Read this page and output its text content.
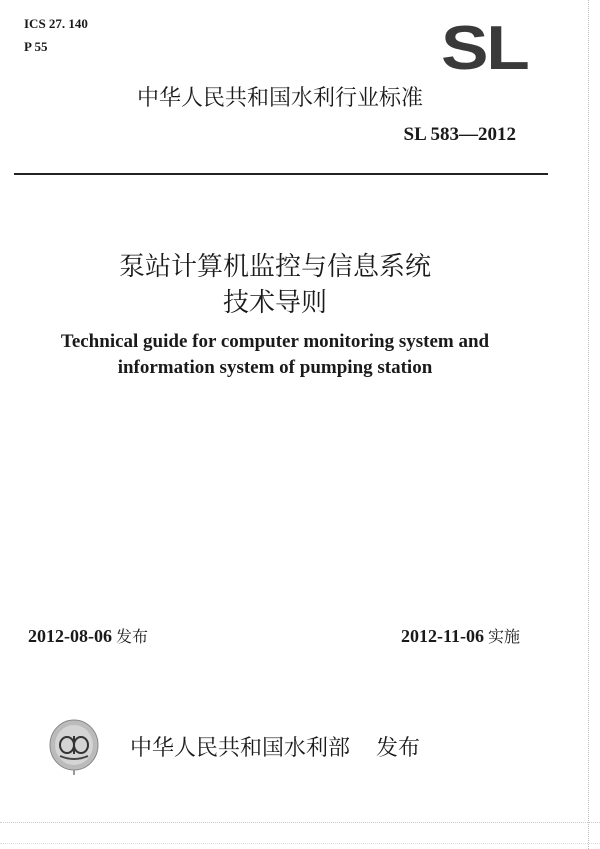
ICS 27. 140
P 55	SL
中华人民共和国水利行业标准
SL 583—2012
泵站计算机监控与信息系统
技术导则
Technical guide for computer monitoring system and
information system of pumping station
2012-08-06 发布	2012-11-06 实施
中华人民共和国水利部 发布
